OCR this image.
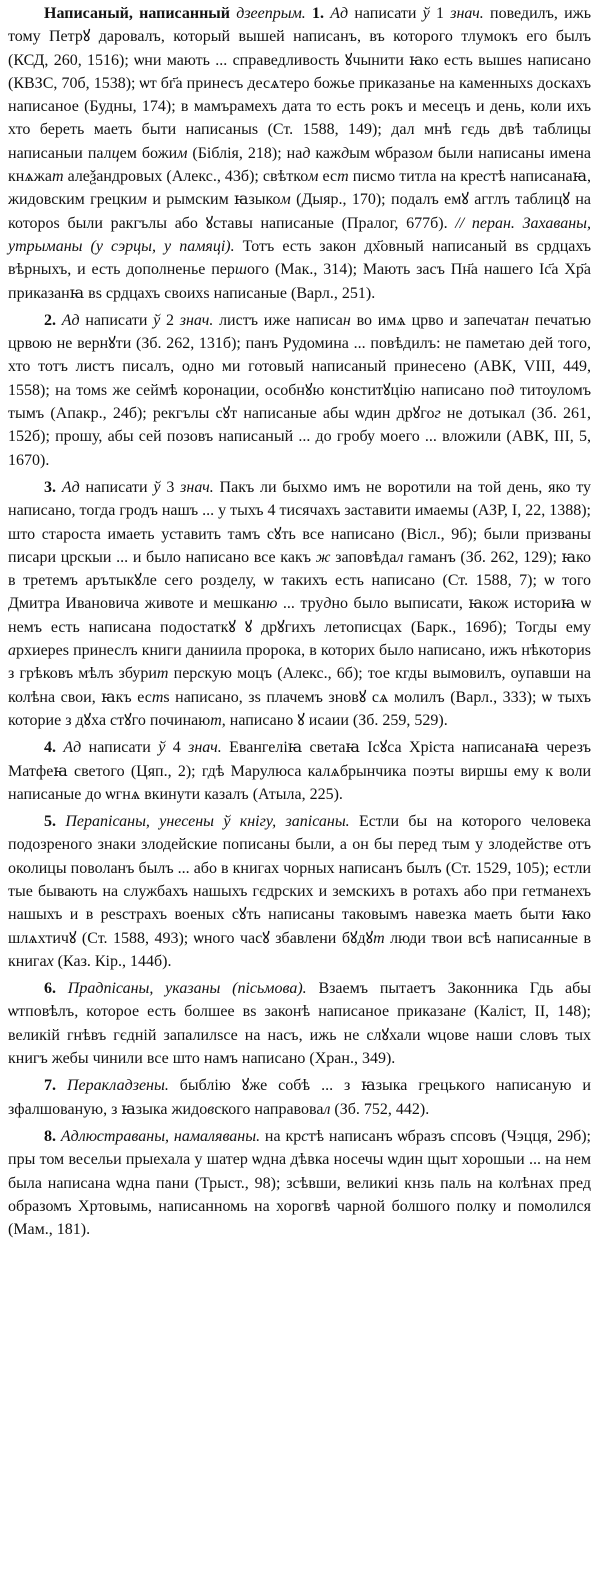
Написаный, написанный дзеепрым. 1. Ад написати ў 1 знач. поведилъ, ижь тому Петрꙋ даровалъ, который вышей написанъ, въ которого тлумокъ его былъ (КСД, 260, 1516); ѡни мають ... справедливость ꙋчынити ꙗко есть вышеs написано (КВЗС, 70б, 1538); ѡт бг҃а принесъ десѧтеро божье приказанье на каменныхs доскахъ написаное (Будны, 174); в мамърамехъ дата то есть рокъ и месецъ и день, коли ихъ хто береть маеть быти написаныs (Ст. 1588, 149); дал мнѣ гєдь двѣ таблицы написаныи палцем божим (Біблія, 218); над каждым ѡбразом были написаны имена кнѧжат алеѯандровых (Алекс., 43б); свѣтком ест писмо титла на крестѣ написанаꙗ, жидовским грецким и рымским ꙗзыком (Дыяр., 170); подалъ емꙋ агглъ таблицꙋ на котороs были ракгълы або ꙋставы написаные (Пралог, 677б). // перан. Захаваны, утрыманы (у сэрцы, у памяці). Тотъ есть закон дх҃овный написаный вs срдцахъ вѣрныхъ, и есть дополненье першого (Мак., 314); Мають засъ Пн҃а нашего Іс҃а Хр҃а приказанꙗ вs срдцахъ своихs написаные (Варл., 251).

2. Ад написати ў 2 знач. листъ иже написан во имѧ црво и запечатан печатью црвою не вернꙋти (Зб. 262, 131б); панъ Рудомина ... повѣдилъ: не паметаю дей того, хто тотъ листъ писалъ, одно ми готовый написаный принесено (АВК, VIII, 449, 1558); на томs же сеймѣ коронации, особнꙋю конститꙋцію написано под титоуломъ тымъ (Апакр., 24б); рекгълы сꙋт написаные абы ѡдин дрꙋгог не дотыкал (Зб. 261, 152б); прошу, абы сей позовъ написаный ... до гробу моего ... вложили (АВК, III, 5, 1670).

3. Ад написати ў 3 знач. Пакъ ли быхмо имъ не воротили на той день, яко ту написано, тогда гродъ нашъ ... у тыхъ 4 тисячахъ заставити имаемы (АЗР, I, 22, 1388); што староста имаеть уставить тамъ сꙋть все написано (Вісл., 9б); были призваны писари црскыи ... и было написано все какъ ж заповѣдал гаманъ (Зб. 262, 129); ꙗко в третемъ арътыкꙋле сего розделу, ѡ такихъ есть написано (Ст. 1588, 7); ѡ того Дмитра Ивановича животе и мешканю ... трудно было выписати, ꙗкож историꙗ ѡ немъ есть написана подостаткꙋ ꙋ дрꙋгихъ летописцах (Барк., 169б); Тогды ему архиереs принеслъ книги даниила пророка, в которих было написано, ижъ нѣкоториs з грѣковъ мѣлъ збурит перскую моцъ (Алекс., 6б); тое кгды вымовилъ, оупавши на колѣна свои, ꙗкъ естs написано, зs плачемъ зновꙋ сѧ молилъ (Варл., 333); ѡ тыхъ которие з дꙋха стꙋго починают, написано ꙋ исаии (Зб. 259, 529).

4. Ад написати ў 4 знач. Евангеліꙗ светаꙗ Ісꙋса Хріста написанаꙗ черезъ Матфеꙗ светого (Цяп., 2); гдѣ Марулюса калѧбрынчика поэты виршы ему к воли написаные до ѡгнѧ вкинути казалъ (Атыла, 225).

5. Перапісаны, унесены ў кнігу, запісаны. Естли бы на которого человека подозреного знаки злодейские пописаны были, а он бы перед тым у злодействе отъ околицы поволанъ былъ ... або в книгах чорных написанъ былъ (Ст. 1529, 105); естли тые бывають на службахъ нашыхъ гєдрских и земскихъ в ротахъ або при гетманехъ нашыхъ и в реsстрахъ военых сꙋть написаны таковымъ навезка маеть быти ꙗко шлѧхтичꙋ (Ст. 1588, 493); ѡного часꙋ збавлени бꙋдꙋт люди твои всѣ написанные в книгах (Каз. Кір., 144б).

6. Прадпісаны, указаны (пісьмова). Взаемъ пытаетъ Законника Гдь абы ѡтповѣлъ, которое есть болшее вs законѣ написаное приказане (Каліст, II, 148); великій гнѣвъ гєдній запалилsсе на насъ, ижь не слꙋхали ѡцове наши словъ тых книгъ жебы чинили все што намъ написано (Хран., 349).

7. Перакладзены. быблію ꙋже собѣ ... з ꙗзыка грецького написаную и зфалшованую, з ꙗзыка жидовского направовал (Зб. 752, 442).

8. Адлюстраваны, намаляваны. на крстѣ написанъ ѡбразъ спсовъ (Чэцця, 29б); пры том весельи прыехала у шатер ѡдна дѣвка носечы ѡдин щыт хорошыи ... на нем была написана ѡдна пани (Трыст., 98); зсѣвши, великиі кнзь паль на колѣнах пред образомъ Хртовымь, написанномь на хорогвѣ чарной болшого полку и помолился (Мам., 181).
